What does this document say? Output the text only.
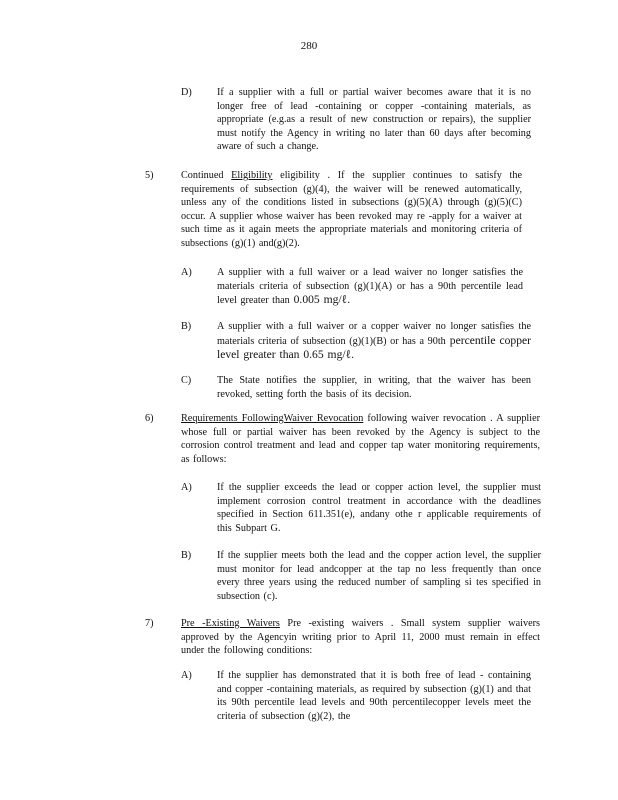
280
D) If a supplier with a full or partial waiver becomes aware that it is no longer free of lead -containing or copper -containing materials, as appropriate (e.g.as a result of new construction or repairs), the supplier must notify the Agency in writing no later than 60 days after becoming aware of such a change.
5)	Continued Eligibility eligibility . If the supplier continues to satisfy the requirements of subsection (g)(4), the waiver will be renewed automatically, unless any of the conditions listed in subsections (g)(5)(A) through (g)(5)(C) occur. A supplier whose waiver has been revoked may re -apply for a waiver at such time as it again meets the appropriate materials and monitoring criteria of subsections (g)(1) and(g)(2).
A) A supplier with a full waiver or a lead waiver no longer satisfies the materials criteria of subsection (g)(1)(A) or has a 90th percentile lead level greater than 0.005 mg/ℓ.
B)	A supplier with a full waiver or a copper waiver no longer satisfies the materials criteria of subsection (g)(1)(B) or has a 90th percentile copper level greater than 0.65 mg/ℓ.
C)	The State notifies the supplier, in writing, that the waiver has been revoked, setting forth the basis of its decision.
6)	Requirements FollowingWaiver Revocation following waiver revocation . A supplier whose full or partial waiver has been revoked by the Agency is subject to the corrosion control treatment and lead and copper tap water monitoring requirements, as follows:
A) If the supplier exceeds the lead or copper action level, the supplier must implement corrosion control treatment in accordance with the deadlines specified in Section 611.351(e), andany othe r applicable requirements of this Subpart G.
B)	If the supplier meets both the lead and the copper action level, the supplier must monitor for lead andcopper at the tap no less frequently than once every three years using the reduced number of sampling si tes specified in subsection (c).
7)	Pre -Existing Waivers Pre -existing waivers . Small system supplier waivers approved by the Agencyin writing prior to April 11, 2000 must remain in effect under the following conditions:
A) If the supplier has demonstrated that it is both free of lead - containing and copper -containing materials, as required by subsection (g)(1) and that its 90th percentile lead levels and 90th percentilecopper levels meet the criteria of subsection (g)(2), the
